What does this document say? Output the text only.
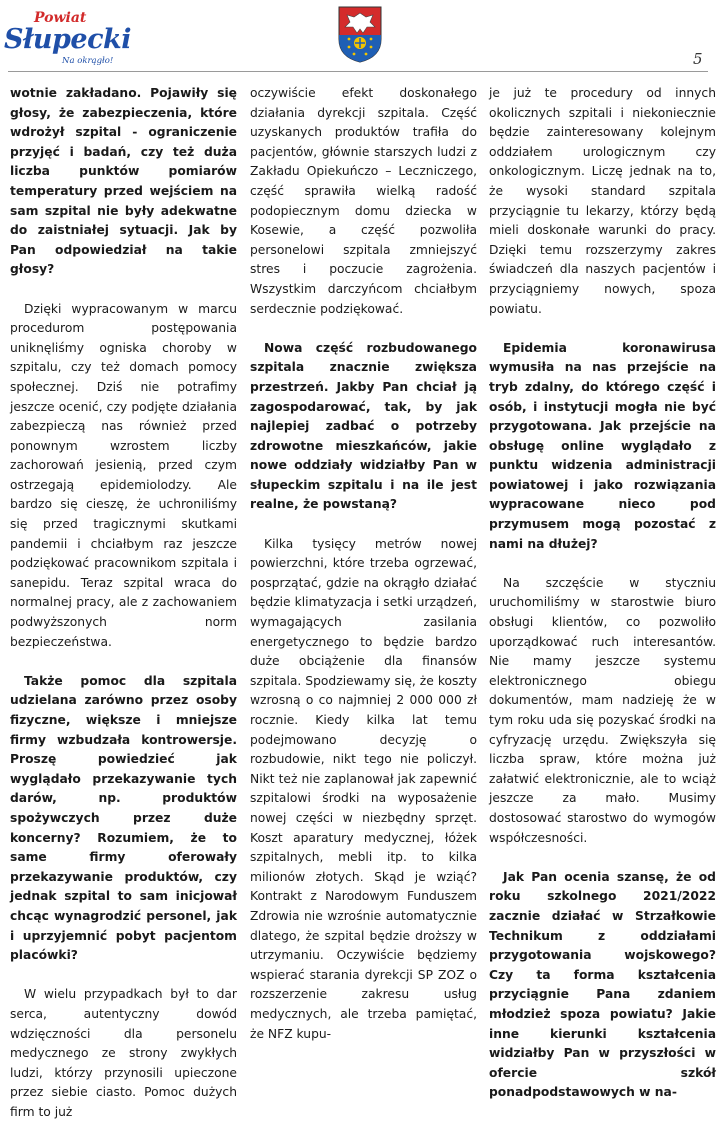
Powiat
Słupecki
Na okrągło!	5

wotnie zakładano. Pojawiły się głosy, że zabezpieczenia, które wdrożył szpital - ograniczenie przyjęć i badań, czy też duża liczba punktów pomiarów temperatury przed wejściem na sam szpital nie były adekwatne do zaistniałej sytuacji. Jak by Pan odpowiedział na takie głosy?

Dzięki wypracowanym w marcu procedurom postępowania uniknęliśmy ogniska choroby w szpitalu, czy też domach pomocy społecznej. Dziś nie potrafimy jeszcze ocenić, czy podjęte działania zabezpieczą nas również przed ponownym wzrostem liczby zachorowań jesienią, przed czym ostrzegają epidemiolodzy. Ale bardzo się cieszę, że uchroniliśmy się przed tragicznymi skutkami pandemii i chciałbym raz jeszcze podziękować pracownikom szpitala i sanepidu. Teraz szpital wraca do normalnej pracy, ale z zachowaniem podwyższonych norm bezpieczeństwa.

Także pomoc dla szpitala udzielana zarówno przez osoby fizyczne, większe i mniejsze firmy wzbudzała kontrowersje. Proszę powiedzieć jak wyglądało przekazywanie tych darów, np. produktów spożywczych przez duże koncerny? Rozumiem, że to same firmy oferowały przekazywanie produktów, czy jednak szpital to sam inicjował chcąc wynagrodzić personel, jak i uprzyjemnić pobyt pacjentom placówki?

W wielu przypadkach był to dar serca, autentyczny dowód wdzięczności dla personelu medycznego ze strony zwykłych ludzi, którzy przynosili upieczone przez siebie ciasto. Pomoc dużych firm to już

oczywiście efekt doskonałego działania dyrekcji szpitala. Część uzyskanych produktów trafiła do pacjentów, głównie starszych ludzi z Zakładu Opiekuńczo – Leczniczego, część sprawiła wielką radość podopiecznym domu dziecka w Kosewie, a część pozwoliła personelowi szpitala zmniejszyć stres i poczucie zagrożenia. Wszystkim darczyńcom chciałbym serdecznie podziękować.

Nowa część rozbudowanego szpitala znacznie zwiększa przestrzeń. Jakby Pan chciał ją zagospodarować, tak, by jak najlepiej zadbać o potrzeby zdrowotne mieszkańców, jakie nowe oddziały widziałby Pan w słupeckim szpitalu i na ile jest realne, że powstaną?

Kilka tysięcy metrów nowej powierzchni, które trzeba ogrzewać, posprzątać, gdzie na okrągło działać będzie klimatyzacja i setki urządzeń, wymagających zasilania energetycznego to będzie bardzo duże obciążenie dla finansów szpitala. Spodziewamy się, że koszty wzrosną o co najmniej 2 000 000 zł rocznie. Kiedy kilka lat temu podejmowano decyzję o rozbudowie, nikt tego nie policzył. Nikt też nie zaplanował jak zapewnić szpitalowi środki na wyposażenie nowej części w niezbędny sprzęt. Koszt aparatury medycznej, łóżek szpitalnych, mebli itp. to kilka milionów złotych. Skąd je wziąć? Kontrakt z Narodowym Funduszem Zdrowia nie wzrośnie automatycznie dlatego, że szpital będzie droższy w utrzymaniu. Oczywiście będziemy wspierać starania dyrekcji SP ZOZ o rozszerzenie zakresu usług medycznych, ale trzeba pamiętać, że NFZ kupu-

je już te procedury od innych okolicznych szpitali i niekoniecznie będzie zainteresowany kolejnym oddziałem urologicznym czy onkologicznym. Liczę jednak na to, że wysoki standard szpitala przyciągnie tu lekarzy, którzy będą mieli doskonałe warunki do pracy. Dzięki temu rozszerzymy zakres świadczeń dla naszych pacjentów i przyciągniemy nowych, spoza powiatu.

Epidemia koronawirusa wymusiła na nas przejście na tryb zdalny, do którego część i osób, i instytucji mogła nie być przygotowana. Jak przejście na obsługę online wyglądało z punktu widzenia administracji powiatowej i jako rozwiązania wypracowane nieco pod przymusem mogą pozostać z nami na dłużej?

Na szczęście w styczniu uruchomiliśmy w starostwie biuro obsługi klientów, co pozwoliło uporządkować ruch interesantów. Nie mamy jeszcze systemu elektronicznego obiegu dokumentów, mam nadzieję że w tym roku uda się pozyskać środki na cyfryzację urzędu. Zwiększyła się liczba spraw, które można już załatwić elektronicznie, ale to wciąż jeszcze za mało. Musimy dostosować starostwo do wymogów współczesności.

Jak Pan ocenia szansę, że od roku szkolnego 2021/2022 zacznie działać w Strzałkowie Technikum z oddziałami przygotowania wojskowego? Czy ta forma kształcenia przyciągnie Pana zdaniem młodzież spoza powiatu? Jakie inne kierunki kształcenia widziałby Pan w przyszłości w ofercie szkół ponadpodstawowych w na-
